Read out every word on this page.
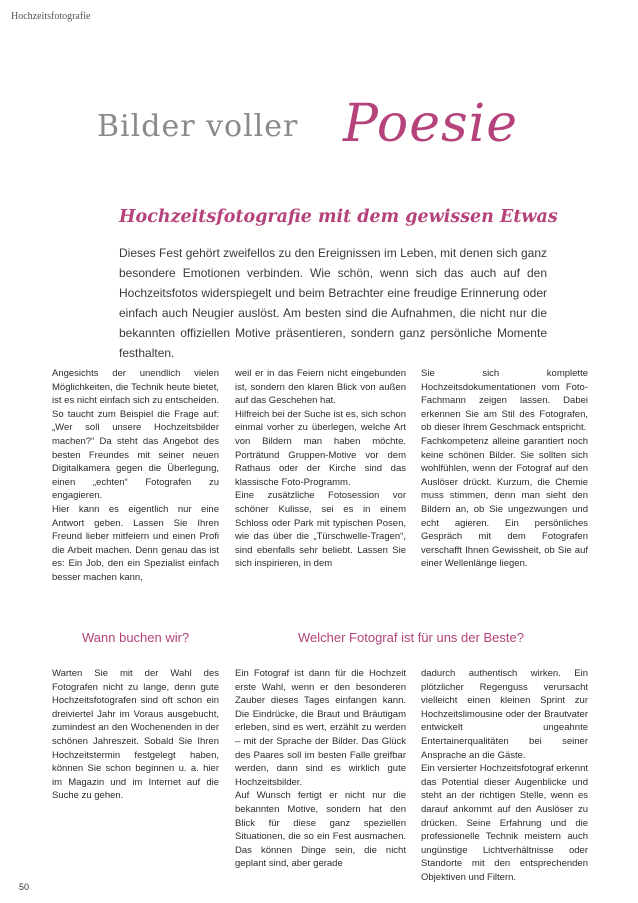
Hochzeitsfotografie
Bilder voller Poesie
Hochzeitsfotografie mit dem gewissen Etwas
Dieses Fest gehört zweifellos zu den Ereignissen im Leben, mit denen sich ganz besondere Emotionen verbinden. Wie schön, wenn sich das auch auf den Hochzeitsfotos widerspiegelt und beim Betrachter eine freudige Erinnerung oder einfach auch Neugier auslöst. Am besten sind die Aufnahmen, die nicht nur die bekannten offiziellen Motive präsentieren, sondern ganz persönliche Momente festhalten.

Angesichts der unendlich vielen Möglichkeiten, die Technik heute bietet, ist es nicht einfach sich zu entscheiden. So taucht zum Beispiel die Frage auf: „Wer soll unsere Hochzeitsbilder machen?“ Da steht das Angebot des besten Freundes mit seiner neuen Digitalkamera gegen die Überlegung, einen „echten“ Fotografen zu engagieren.

Hier kann es eigentlich nur eine Antwort geben. Lassen Sie Ihren Freund lieber mitfeiern und einen Profi die Arbeit machen. Denn genau das ist es: Ein Job, den ein Spezialist einfach besser machen kann,

weil er in das Feiern nicht eingebunden ist, sondern den klaren Blick von außen auf das Geschehen hat.

Hilfreich bei der Suche ist es, sich schon einmal vorher zu überlegen, welche Art von Bildern man haben möchte. Porträtund Gruppen-Motive vor dem Rathaus oder der Kirche sind das klassische Foto-Programm.

Eine zusätzliche Fotosession vor schöner Kulisse, sei es in einem Schloss oder Park mit typischen Posen, wie das über die „Türschwelle-Tragen“, sind ebenfalls sehr beliebt. Lassen Sie sich inspirieren, in dem

Sie sich komplette Hochzeitsdokumentationen vom Foto-Fachmann zeigen lassen. Dabei erkennen Sie am Stil des Fotografen, ob dieser Ihrem Geschmack entspricht.

Fachkompetenz alleine garantiert noch keine schönen Bilder. Sie sollten sich wohlfühlen, wenn der Fotograf auf den Auslöser drückt. Kurzum, die Chemie muss stimmen, denn man sieht den Bildern an, ob Sie ungezwungen und echt agieren. Ein persönliches Gespräch mit dem Fotografen verschafft Ihnen Gewissheit, ob Sie auf einer Wellenlänge liegen.

Wann buchen wir?	Welcher Fotograf ist für uns der Beste?

Warten Sie mit der Wahl des Fotografen nicht zu lange, denn gute Hochzeitsfotografen sind oft schon ein dreiviertel Jahr im Voraus ausgebucht, zumindest an den Wochenenden in der schönen Jahreszeit. Sobald Sie Ihren Hochzeitstermin festgelegt haben, können Sie schon beginnen u. a. hier im Magazin und im Internet auf die Suche zu gehen.

Ein Fotograf ist dann für die Hochzeit erste Wahl, wenn er den besonderen Zauber dieses Tages einfangen kann. Die Eindrücke, die Braut und Bräutigam erleben, sind es wert, erzählt zu werden – mit der Sprache der Bilder. Das Glück des Paares soll im besten Falle greifbar werden, dann sind es wirklich gute Hochzeitsbilder.

Auf Wunsch fertigt er nicht nur die bekannten Motive, sondern hat den Blick für diese ganz speziellen Situationen, die so ein Fest ausmachen. Das können Dinge sein, die nicht geplant sind, aber gerade

dadurch authentisch wirken. Ein plötzlicher Regenguss verursacht vielleicht einen kleinen Sprint zur Hochzeitslimousine oder der Brautvater entwickelt ungeahnte Entertainerqualitäten bei seiner Ansprache an die Gäste.

Ein versierter Hochzeitsfotograf erkennt das Potential dieser Augenblicke und steht an der richtigen Stelle, wenn es darauf ankommt auf den Auslöser zu drücken. Seine Erfahrung und die professionelle Technik meistern auch ungünstige Lichtverhältnisse oder Standorte mit den entsprechenden Objektiven und Filtern.

50
